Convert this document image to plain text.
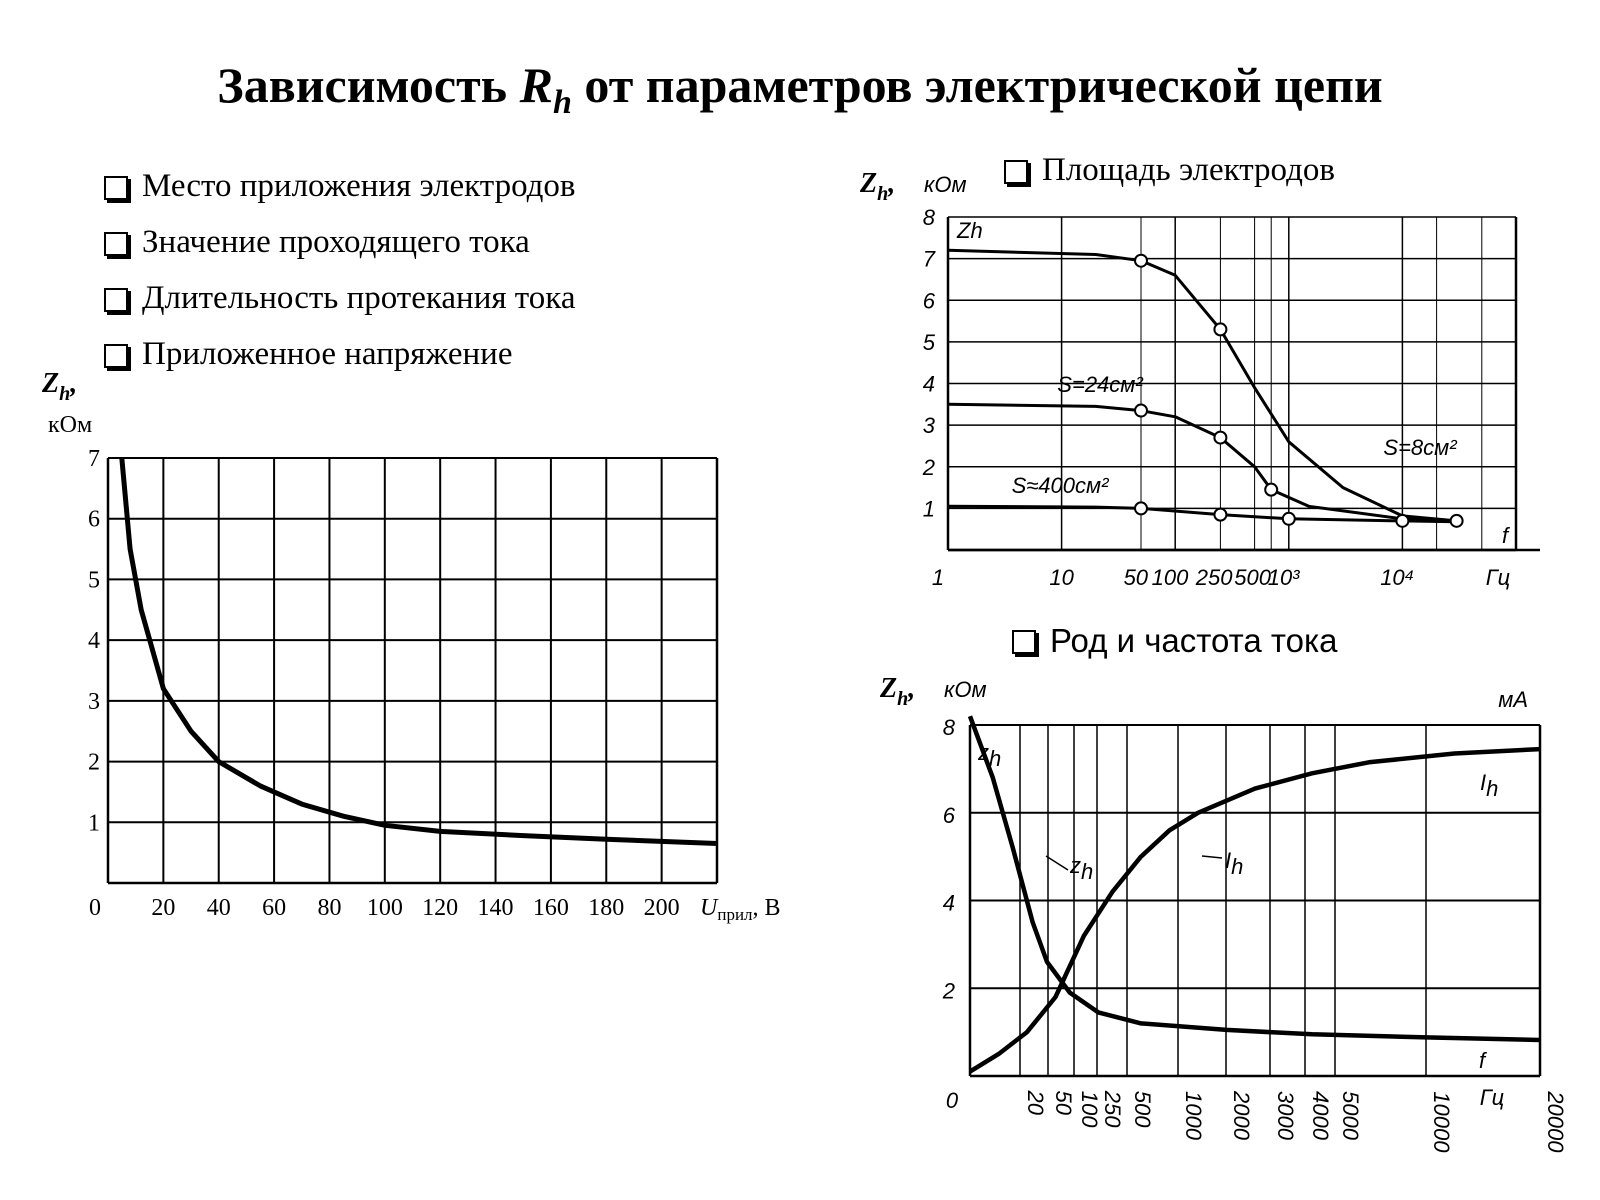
Зависимость $R_h$ от параметров электрической цепи
Место приложения электродов
Значение проходящего тока
Длительность протекания тока
Приложенное напряжение
Площадь электродов
Род и частота тока
7
6
5
4
3
2
1
0 20 40 60 80 100 120 140 160 180 200 $U_{прил}$, В
$Z_h$,
кОм
8
7
6
5
4
3
2
1
1	10 50 100 250 500
10³	10⁴	Гц
$Z_h$, кОм
Zh
f
S=8см²
S=24см²
S≈400см²
8
6
4
2
0	20 50 100
250 500 1000 2000 3000 4000 5000	10000	20000
Гц
$Z_h$, кОм	мА
f
zh
zh
Ih
Ih
